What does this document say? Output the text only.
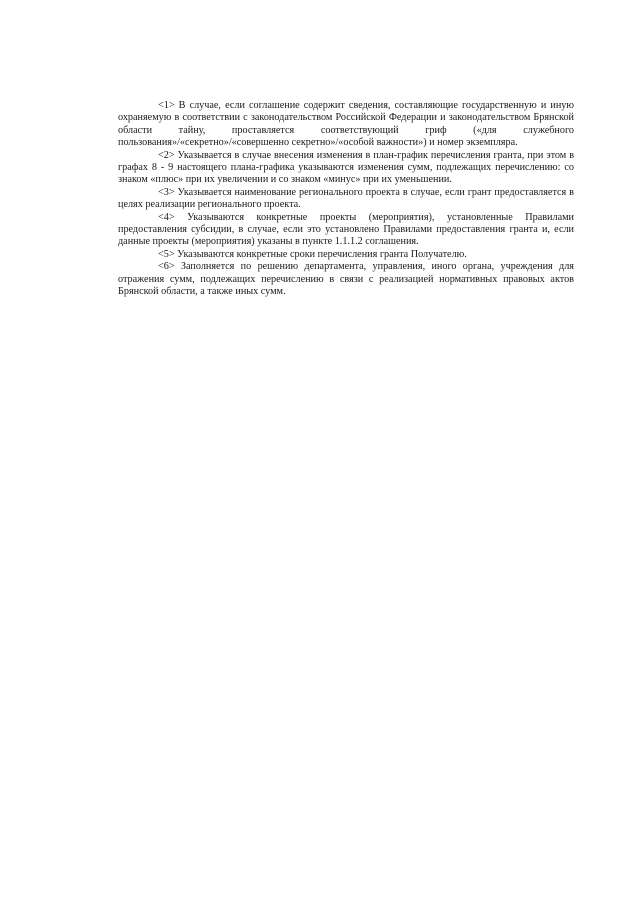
<1> В случае, если соглашение содержит сведения, составляющие государственную и иную охраняемую в соответствии с законодательством Российской Федерации и законодательством Брянской области тайну, проставляется соответствующий гриф («для служебного пользования»/«секретно»/«совершенно секретно»/«особой важности») и номер экземпляра.

<2> Указывается в случае внесения изменения в план-график перечисления гранта, при этом в графах 8 - 9 настоящего плана-графика указываются изменения сумм, подлежащих перечислению: со знаком «плюс» при их увеличении и со знаком «минус» при их уменьшении.

<3> Указывается наименование регионального проекта в случае, если грант предоставляется в целях реализации регионального проекта.

<4> Указываются конкретные проекты (мероприятия), установленные Правилами предоставления субсидии, в случае, если это установлено Правилами предоставления гранта и, если данные проекты (мероприятия) указаны в пункте 1.1.1.2 соглашения.

<5> Указываются конкретные сроки перечисления гранта Получателю.

<6> Заполняется по решению департамента, управления, иного органа, учреждения для отражения сумм, подлежащих перечислению в связи с реализацией нормативных правовых актов Брянской области, а также иных сумм.
